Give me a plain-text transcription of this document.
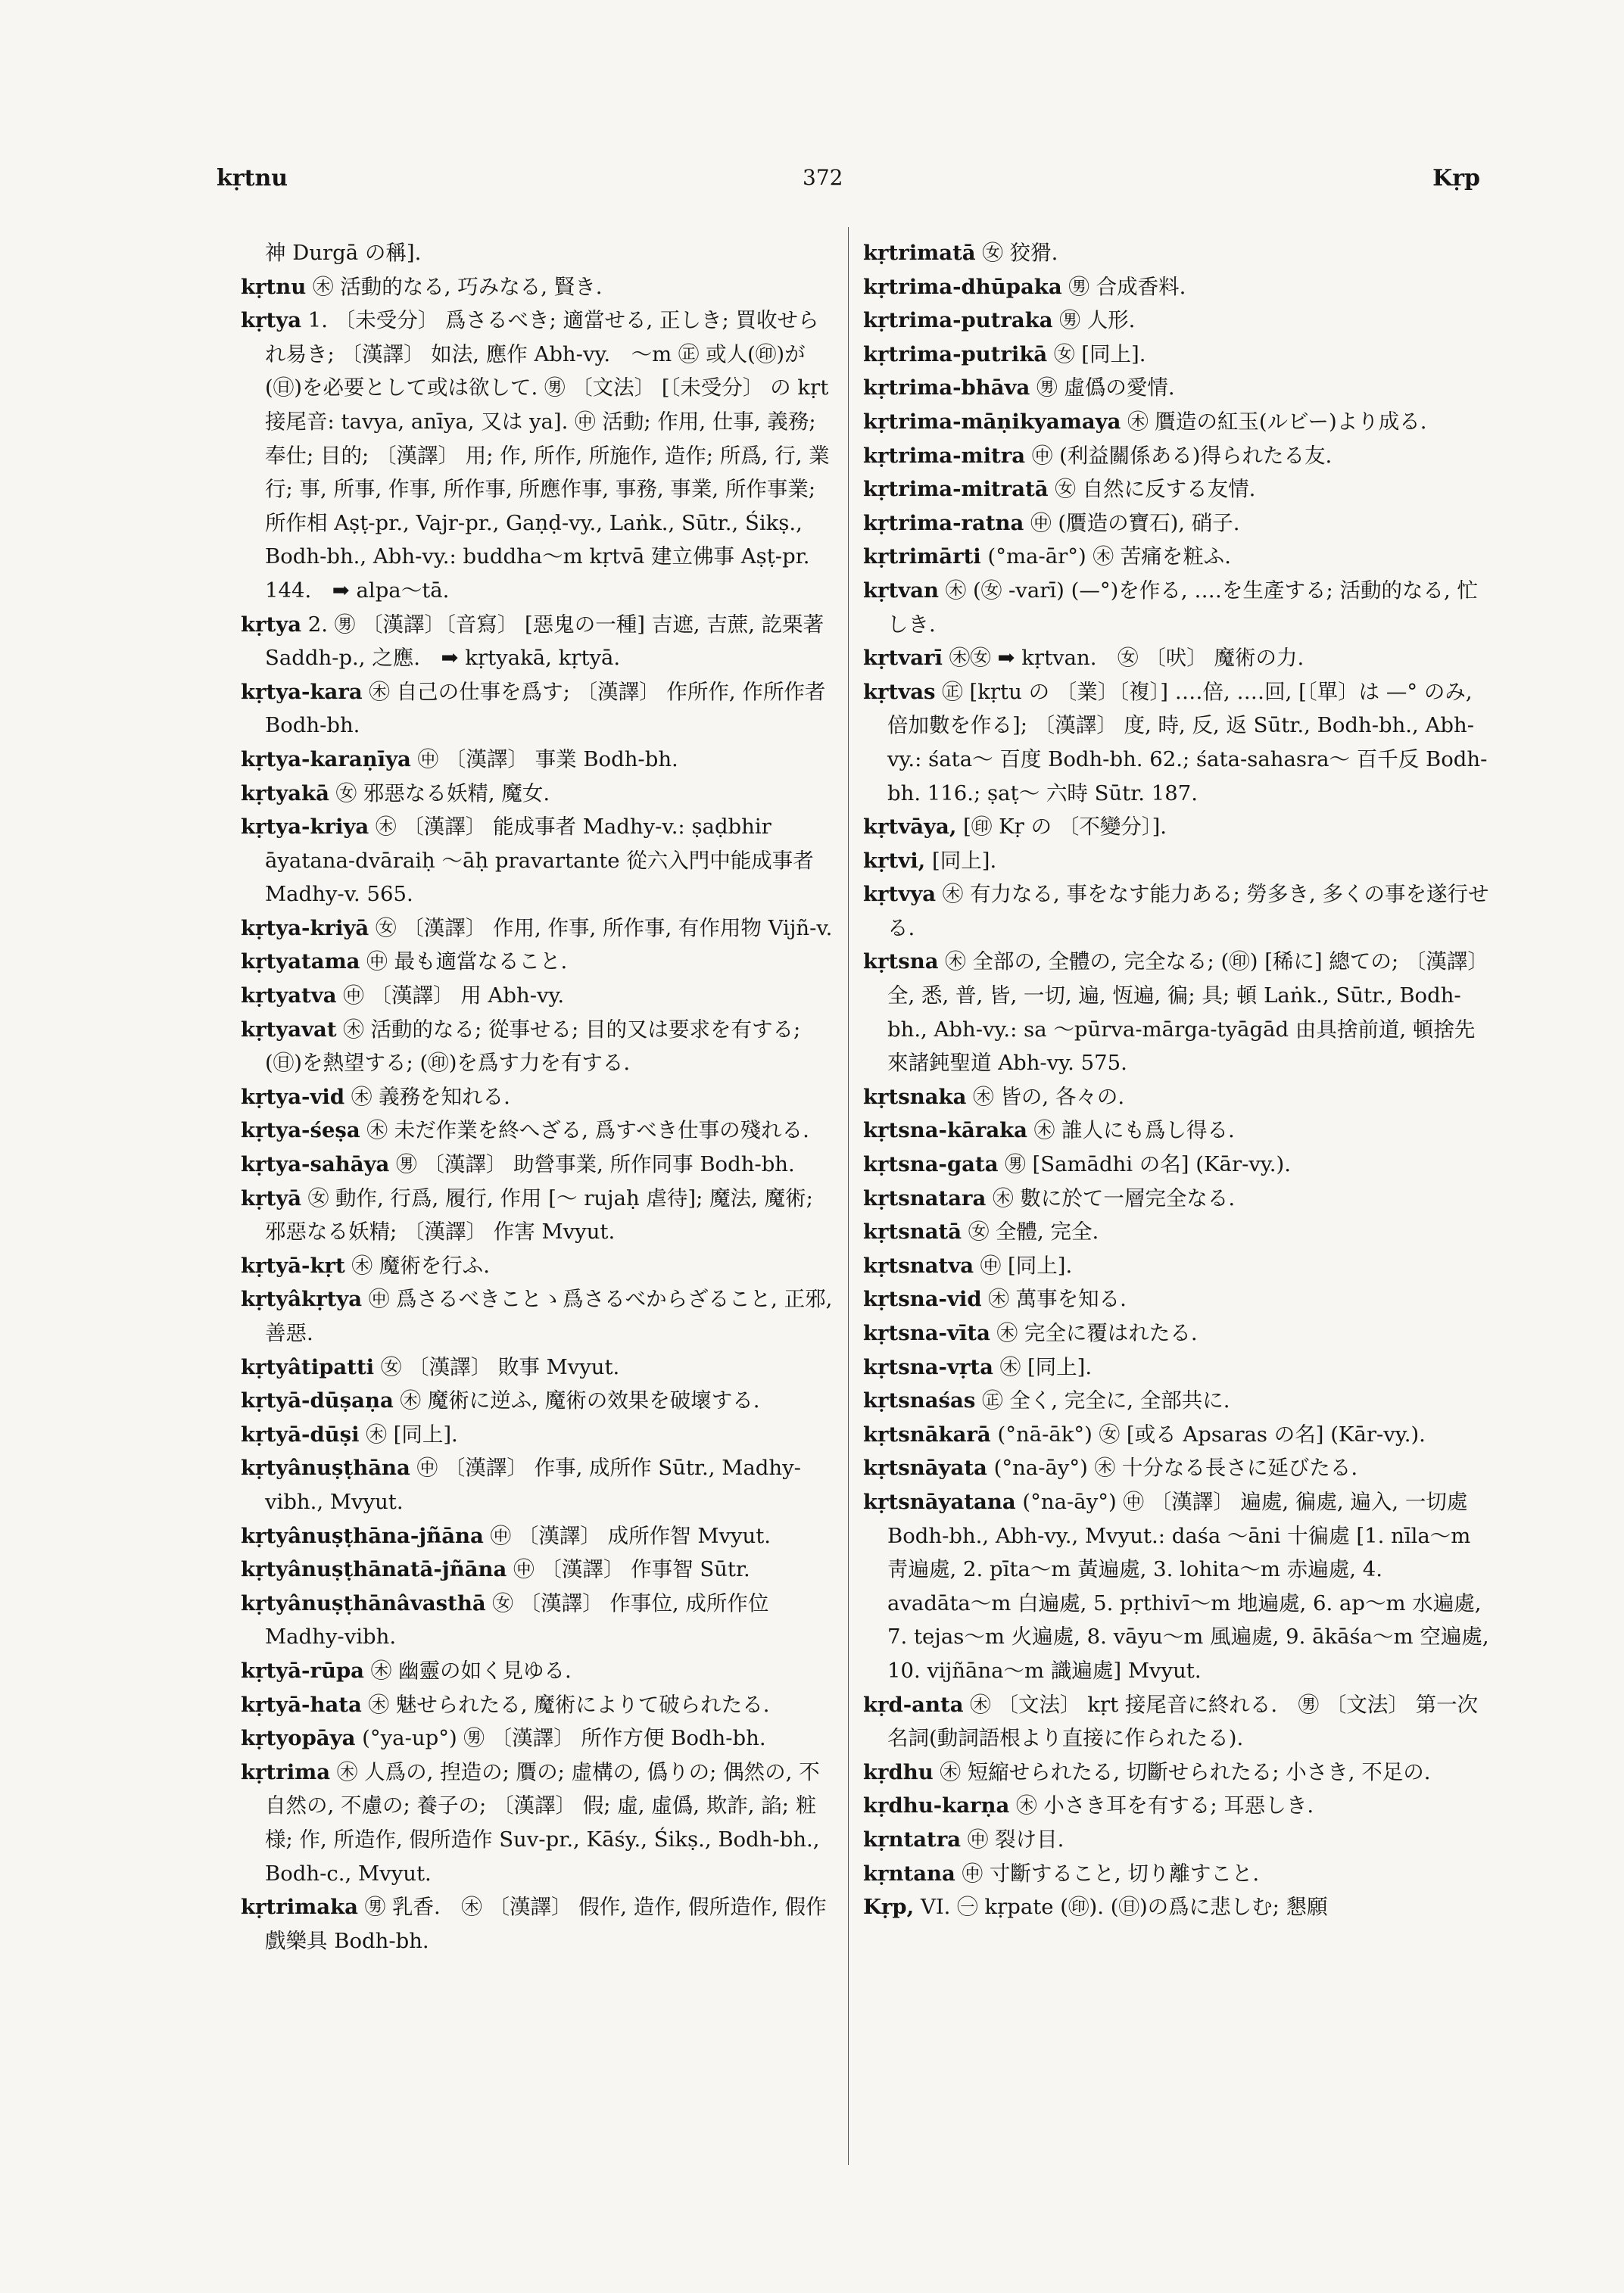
kṛtnu	372	Kṛp

神 Durgā の稱].

kṛtnu ㊍ 活動的なる, 巧みなる, 賢き.

kṛtya 1. 〔未受分〕 爲さるべき; 適當せる, 正しき; 買收せられ易き; 〔漢譯〕 如法, 應作 Abh-vy.　〜m ㊣ 或人(㊞)が(㊐)を必要として或は欲して. ㊚ 〔文法〕 [〔未受分〕 の kṛt 接尾音: tavya, anīya, 又は ya]. ㊥ 活動; 作用, 仕事, 義務; 奉仕; 目的; 〔漢譯〕 用; 作, 所作, 所施作, 造作; 所爲, 行, 業行; 事, 所事, 作事, 所作事, 所應作事, 事務, 事業, 所作事業; 所作相 Aṣṭ-pr., Vajr-pr., Gaṇḍ-vy., Laṅk., Sūtr., Śikṣ., Bodh-bh., Abh-vy.: buddha〜m kṛtvā 建立佛事 Aṣṭ-pr. 144.　➡ alpa〜tā.

kṛtya 2. ㊚ 〔漢譯〕〔音寫〕 [惡鬼の一種] 吉遮, 吉蔗, 訖栗著 Saddh-p., 之應.　➡ kṛtyakā, kṛtyā.

kṛtya-kara ㊍ 自己の仕事を爲す; 〔漢譯〕 作所作, 作所作者 Bodh-bh.

kṛtya-karaṇīya ㊥ 〔漢譯〕 事業 Bodh-bh.

kṛtyakā ㊛ 邪惡なる妖精, 魔女.

kṛtya-kriya ㊍ 〔漢譯〕 能成事者 Madhy-v.: ṣaḍbhir āyatana-dvāraiḥ 〜āḥ pravartante 從六入門中能成事者 Madhy-v. 565.

kṛtya-kriyā ㊛ 〔漢譯〕 作用, 作事, 所作事, 有作用物 Vijñ-v.

kṛtyatama ㊥ 最も適當なること.

kṛtyatva ㊥ 〔漢譯〕 用 Abh-vy.

kṛtyavat ㊍ 活動的なる; 從事せる; 目的又は要求を有する; (㊐)を熱望する; (㊞)を爲す力を有する.

kṛtya-vid ㊍ 義務を知れる.

kṛtya-śeṣa ㊍ 未だ作業を終へざる, 爲すべき仕事の殘れる.

kṛtya-sahāya ㊚ 〔漢譯〕 助營事業, 所作同事 Bodh-bh.

kṛtyā ㊛ 動作, 行爲, 履行, 作用 [〜 rujaḥ 虐待]; 魔法, 魔術; 邪惡なる妖精; 〔漢譯〕 作害 Mvyut.

kṛtyā-kṛt ㊍ 魔術を行ふ.

kṛtyâkṛtya ㊥ 爲さるべきことゝ爲さるべからざること, 正邪, 善惡.

kṛtyâtipatti ㊛ 〔漢譯〕 敗事 Mvyut.

kṛtyā-dūṣaṇa ㊍ 魔術に逆ふ, 魔術の效果を破壞する.

kṛtyā-dūṣi ㊍ [同上].

kṛtyânuṣṭhāna ㊥ 〔漢譯〕 作事, 成所作 Sūtr., Madhy-vibh., Mvyut.

kṛtyânuṣṭhāna-jñāna ㊥ 〔漢譯〕 成所作智 Mvyut.

kṛtyânuṣṭhānatā-jñāna ㊥ 〔漢譯〕 作事智 Sūtr.

kṛtyânuṣṭhānâvasthā ㊛ 〔漢譯〕 作事位, 成所作位 Madhy-vibh.

kṛtyā-rūpa ㊍ 幽靈の如く見ゆる.

kṛtyā-hata ㊍ 魅せられたる, 魔術によりて破られたる.

kṛtyopāya (°ya-up°) ㊚ 〔漢譯〕 所作方便 Bodh-bh.

kṛtrima ㊍ 人爲の, 揑造の; 贋の; 虛構の, 僞りの; 偶然の, 不自然の, 不慮の; 養子の; 〔漢譯〕 假; 虛, 虛僞, 欺詐, 諂; 粧様; 作, 所造作, 假所造作 Suv-pr., Kāśy., Śikṣ., Bodh-bh., Bodh-c., Mvyut.

kṛtrimaka ㊚ 乳香.　㊍ 〔漢譯〕 假作, 造作, 假所造作, 假作戲樂具 Bodh-bh.

kṛtrimatā ㊛ 狡猾.

kṛtrima-dhūpaka ㊚ 合成香料.

kṛtrima-putraka ㊚ 人形.

kṛtrima-putrikā ㊛ [同上].

kṛtrima-bhāva ㊚ 虛僞の愛情.

kṛtrima-māṇikyamaya ㊍ 贋造の紅玉(ルビー)より成る.

kṛtrima-mitra ㊥ (利益關係ある)得られたる友.

kṛtrima-mitratā ㊛ 自然に反する友情.

kṛtrima-ratna ㊥ (贋造の寶石), 硝子.

kṛtrimārti (°ma-ār°) ㊍ 苦痛を粧ふ.

kṛtvan ㊍ (㊛ -varī) (—°)を作る, ‥‥を生產する; 活動的なる, 忙しき.

kṛtvarī ㊍㊛ ➡ kṛtvan.　㊛ 〔吠〕 魔術の力.

kṛtvas ㊣ [kṛtu の 〔業〕〔複〕] ‥‥倍, ‥‥回, [〔單〕は —° のみ, 倍加數を作る]; 〔漢譯〕 度, 時, 反, 返 Sūtr., Bodh-bh., Abh-vy.: śata〜 百度 Bodh-bh. 62.; śata-sahasra〜 百千反 Bodh-bh. 116.; ṣaṭ〜 六時 Sūtr. 187.

kṛtvāya, [㊞ Kṛ の 〔不變分〕].

kṛtvi, [同上].

kṛtvya ㊍ 有力なる, 事をなす能力ある; 勞多き, 多くの事を遂行せる.

kṛtsna ㊍ 全部の, 全體の, 完全なる; (㊞) [稀に] 總ての; 〔漢譯〕 全, 悉, 普, 皆, 一切, 遍, 恆遍, 徧; 具; 頓 Laṅk., Sūtr., Bodh-bh., Abh-vy.: sa 〜pūrva-mārga-tyāgād 由具捨前道, 頓捨先來諸鈍聖道 Abh-vy. 575.

kṛtsnaka ㊍ 皆の, 各々の.

kṛtsna-kāraka ㊍ 誰人にも爲し得る.

kṛtsna-gata ㊚ [Samādhi の名] (Kār-vy.).

kṛtsnatara ㊍ 數に於て一層完全なる.

kṛtsnatā ㊛ 全體, 完全.

kṛtsnatva ㊥ [同上].

kṛtsna-vid ㊍ 萬事を知る.

kṛtsna-vīta ㊍ 完全に覆はれたる.

kṛtsna-vṛta ㊍ [同上].

kṛtsnaśas ㊣ 全く, 完全に, 全部共に.

kṛtsnākarā (°nā-āk°) ㊛ [或る Apsaras の名] (Kār-vy.).

kṛtsnāyata (°na-āy°) ㊍ 十分なる長さに延びたる.

kṛtsnāyatana (°na-āy°) ㊥ 〔漢譯〕 遍處, 徧處, 遍入, 一切處 Bodh-bh., Abh-vy., Mvyut.: daśa 〜āni 十徧處 [1. nīla〜m 靑遍處, 2. pīta〜m 黃遍處, 3. lohita〜m 赤遍處, 4. avadāta〜m 白遍處, 5. pṛthivī〜m 地遍處, 6. ap〜m 水遍處, 7. tejas〜m 火遍處, 8. vāyu〜m 風遍處, 9. ākāśa〜m 空遍處, 10. vijñāna〜m 識遍處] Mvyut.

kṛd-anta ㊍ 〔文法〕 kṛt 接尾音に終れる.　㊚ 〔文法〕 第一次名詞(動詞語根より直接に作られたる).

kṛdhu ㊍ 短縮せられたる, 切斷せられたる; 小さき, 不足の.

kṛdhu-karṇa ㊍ 小さき耳を有する; 耳惡しき.

kṛntatra ㊥ 裂け目.

kṛntana ㊥ 寸斷すること, 切り離すこと.

Kṛp, VI. ㊀ kṛpate (㊞). (㊐)の爲に悲しむ; 懇願
